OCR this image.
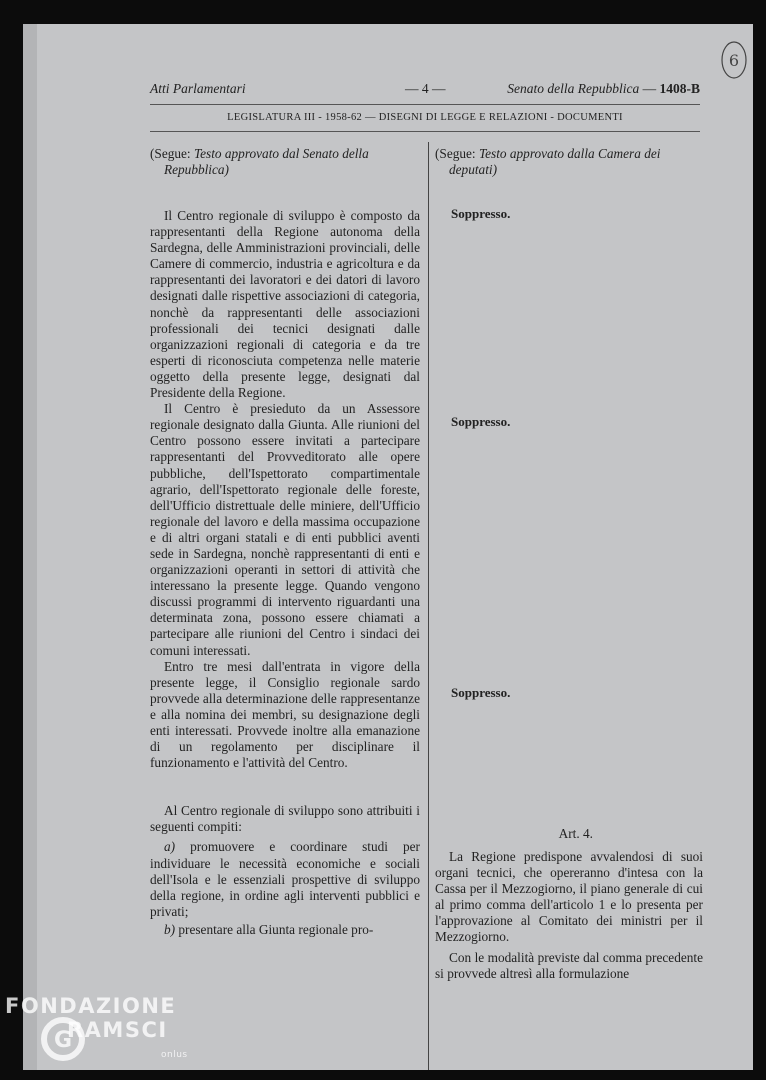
6
Atti Parlamentari	— 4 —	Senato della Repubblica — 1408-B
LEGISLATURA III - 1958-62 — DISEGNI DI LEGGE E RELAZIONI - DOCUMENTI
(Segue: Testo approvato dal Senato della
Repubblica)

Il Centro regionale di sviluppo è composto da rappresentanti della Regione autonoma della Sardegna, delle Amministrazioni provinciali, delle Camere di commercio, industria e agricoltura e da rappresentanti dei lavoratori e dei datori di lavoro designati dalle rispettive associazioni di categoria, nonchè da rappresentanti delle associazioni professionali dei tecnici designati dalle organizzazioni regionali di categoria e da tre esperti di riconosciuta competenza nelle materie oggetto della presente legge, designati dal Presidente della Regione.

Il Centro è presieduto da un Assessore regionale designato dalla Giunta. Alle riunioni del Centro possono essere invitati a partecipare rappresentanti del Provveditorato alle opere pubbliche, dell'Ispettorato compartimentale agrario, dell'Ispettorato regionale delle foreste, dell'Ufficio distrettuale delle miniere, dell'Ufficio regionale del lavoro e della massima occupazione e di altri organi statali e di enti pubblici aventi sede in Sardegna, nonchè rappresentanti di enti e organizzazioni operanti in settori di attività che interessano la presente legge. Quando vengono discussi programmi di intervento riguardanti una determinata zona, possono essere chiamati a partecipare alle riunioni del Centro i sindaci dei comuni interessati.

Entro tre mesi dall'entrata in vigore della presente legge, il Consiglio regionale sardo provvede alla determinazione delle rappresentanze e alla nomina dei membri, su designazione degli enti interessati. Provvede inoltre alla emanazione di un regolamento per disciplinare il funzionamento e l'attività del Centro.

Al Centro regionale di sviluppo sono attribuiti i seguenti compiti:

a) promuovere e coordinare studi per individuare le necessità economiche e sociali dell'Isola e le essenziali prospettive di sviluppo della regione, in ordine agli interventi pubblici e privati;

b) presentare alla Giunta regionale pro-

(Segue: Testo approvato dalla Camera dei
deputati)
Soppresso.
Soppresso.
Soppresso.
Art. 4.

La Regione predispone avvalendosi di suoi organi tecnici, che opereranno d'intesa con la Cassa per il Mezzogiorno, il piano generale di cui al primo comma dell'articolo 1 e lo presenta per l'approvazione al Comitato dei ministri per il Mezzogiorno.

Con le modalità previste dal comma precedente si provvede altresì alla formulazione

FONDAZIONE
G
RAMSCI
onlus
